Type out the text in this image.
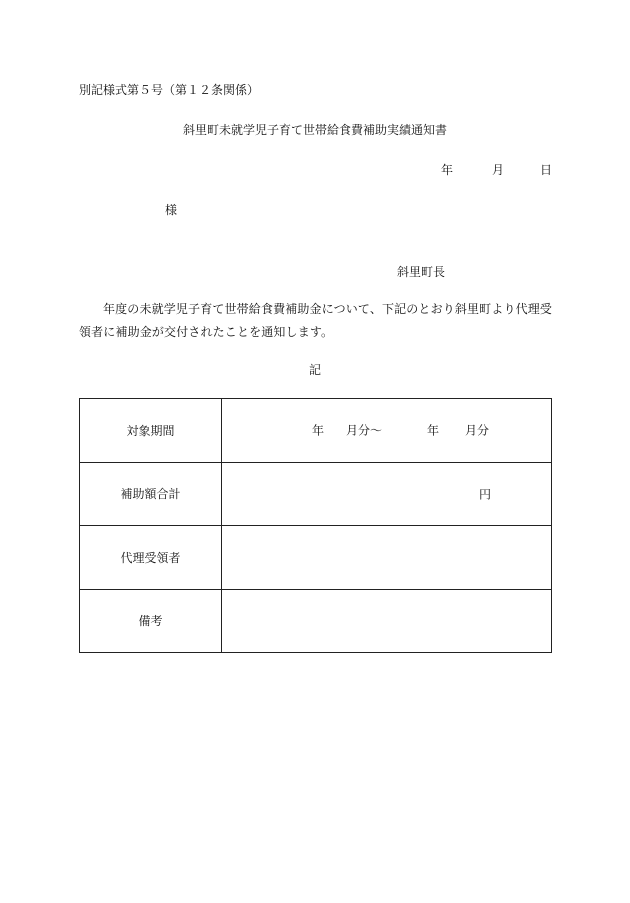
別記様式第５号（第１２条関係）
斜里町未就学児子育て世帯給食費補助実績通知書
年	月	日
様
斜里町長
年度の未就学児子育て世帯給食費補助金について、下記のとおり斜里町より代理受領者に補助金が交付されたことを通知します。
記
対象期間	年 月分～ 年 月分

補助額合計	円

代理受領者	
備考	
